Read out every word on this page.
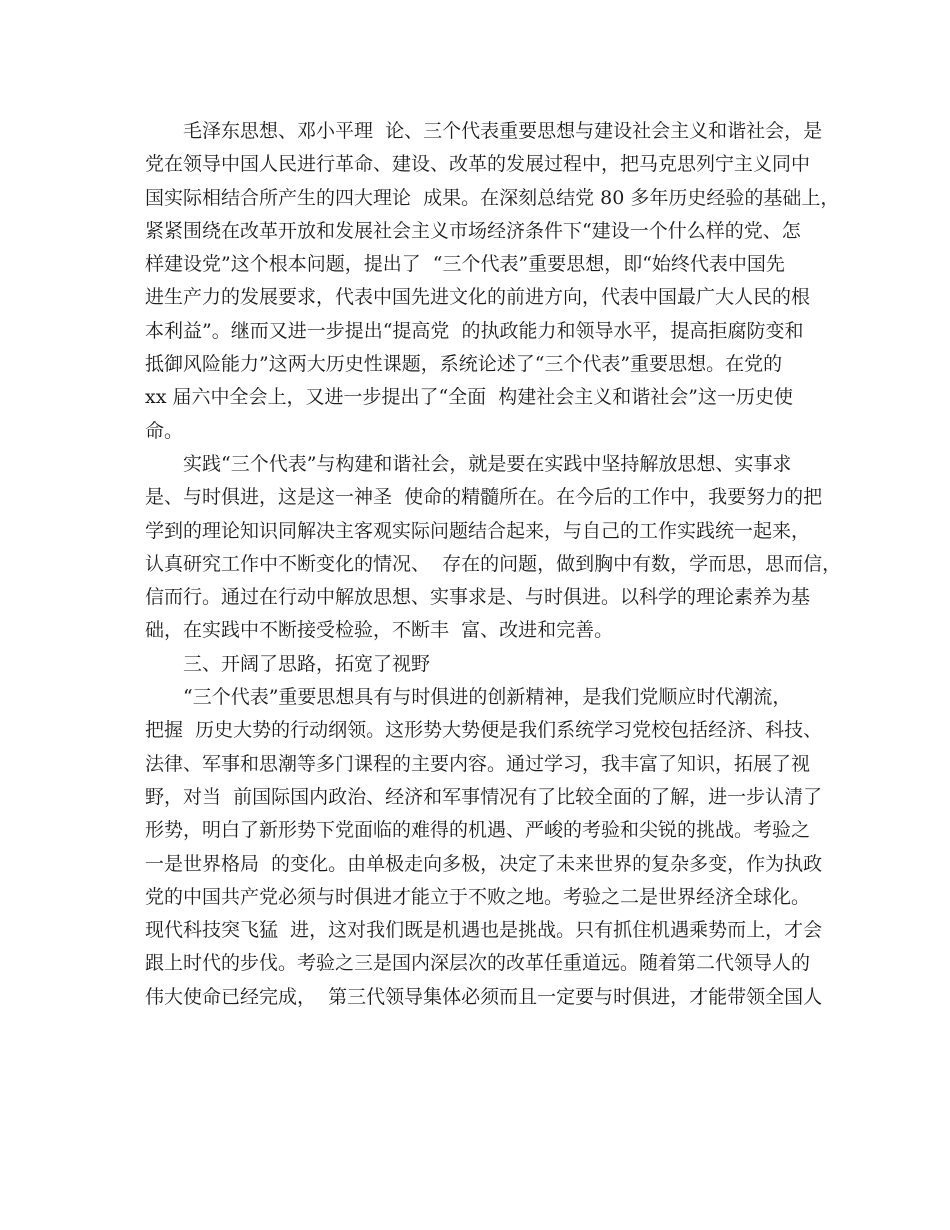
毛泽东思想、邓小平理  论、三个代表重要思想与建设社会主义和谐社会，是
党在领导中国人民进行革命、建设、改革的发展过程中，把马克思列宁主义同中
国实际相结合所产生的四大理论  成果。在深刻总结党 80 多年历史经验的基础上，
紧紧围绕在改革开放和发展社会主义市场经济条件下“建设一个什么样的党、怎
样建设党”这个根本问题，提出了  “三个代表”重要思想，即“始终代表中国先
进生产力的发展要求，代表中国先进文化的前进方向，代表中国最广大人民的根
本利益”。继而又进一步提出“提高党  的执政能力和领导水平，提高拒腐防变和
抵御风险能力”这两大历史性课题，系统论述了“三个代表”重要思想。在党的
xx 届六中全会上，又进一步提出了“全面  构建社会主义和谐社会”这一历史使
命。
实践“三个代表”与构建和谐社会，就是要在实践中坚持解放思想、实事求
是、与时俱进，这是这一神圣  使命的精髓所在。在今后的工作中，我要努力的把
学到的理论知识同解决主客观实际问题结合起来，与自己的工作实践统一起来，
认真研究工作中不断变化的情况、  存在的问题，做到胸中有数，学而思，思而信，
信而行。通过在行动中解放思想、实事求是、与时俱进。以科学的理论素养为基
础，在实践中不断接受检验，不断丰  富、改进和完善。
三、开阔了思路，拓宽了视野
“三个代表”重要思想具有与时俱进的创新精神，是我们党顺应时代潮流，
把握  历史大势的行动纲领。这形势大势便是我们系统学习党校包括经济、科技、
法律、军事和思潮等多门课程的主要内容。通过学习，我丰富了知识，拓展了视
野，对当  前国际国内政治、经济和军事情况有了比较全面的了解，进一步认清了
形势，明白了新形势下党面临的难得的机遇、严峻的考验和尖锐的挑战。考验之
一是世界格局  的变化。由单极走向多极，决定了未来世界的复杂多变，作为执政
党的中国共产党必须与时俱进才能立于不败之地。考验之二是世界经济全球化。
现代科技突飞猛  进，这对我们既是机遇也是挑战。只有抓住机遇乘势而上，才会
跟上时代的步伐。考验之三是国内深层次的改革任重道远。随着第二代领导人的
伟大使命已经完成，  第三代领导集体必须而且一定要与时俱进，才能带领全国人
